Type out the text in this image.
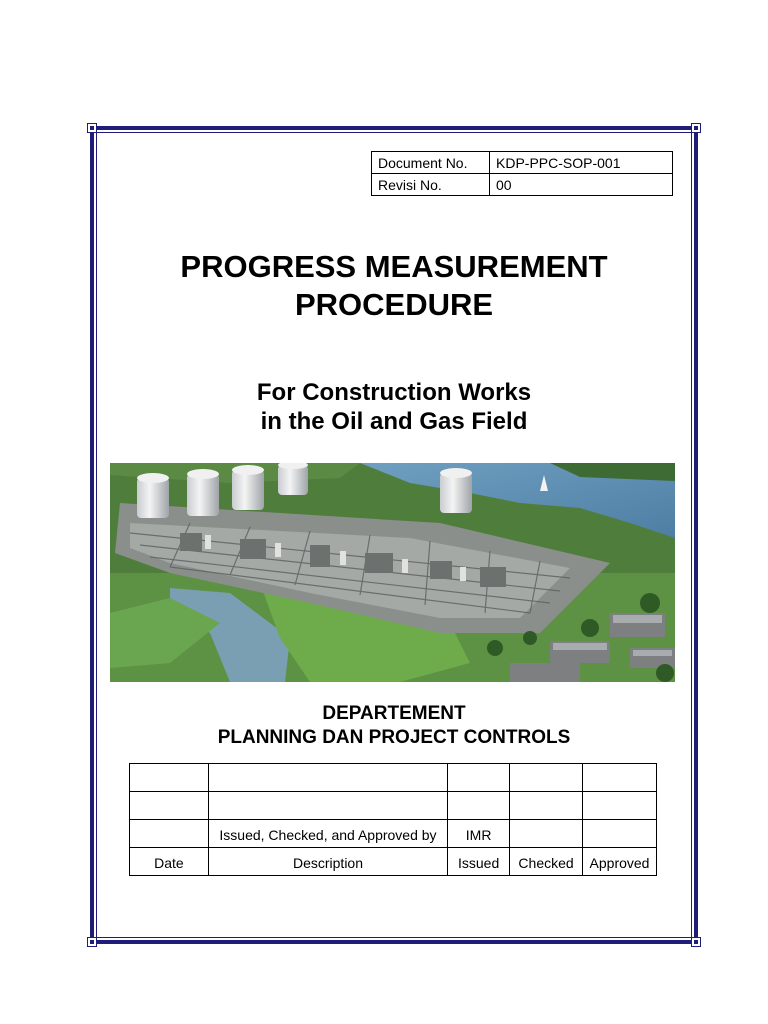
Document No.	KDP-PPC-SOP-001
Revisi No.	00
PROGRESS MEASUREMENT
PROCEDURE
For Construction Works
in the Oil and Gas Field
DEPARTEMENT
PLANNING DAN PROJECT CONTROLS

	Issued, Checked, and Approved by	IMR		
Date	Description	Issued	Checked	Approved
